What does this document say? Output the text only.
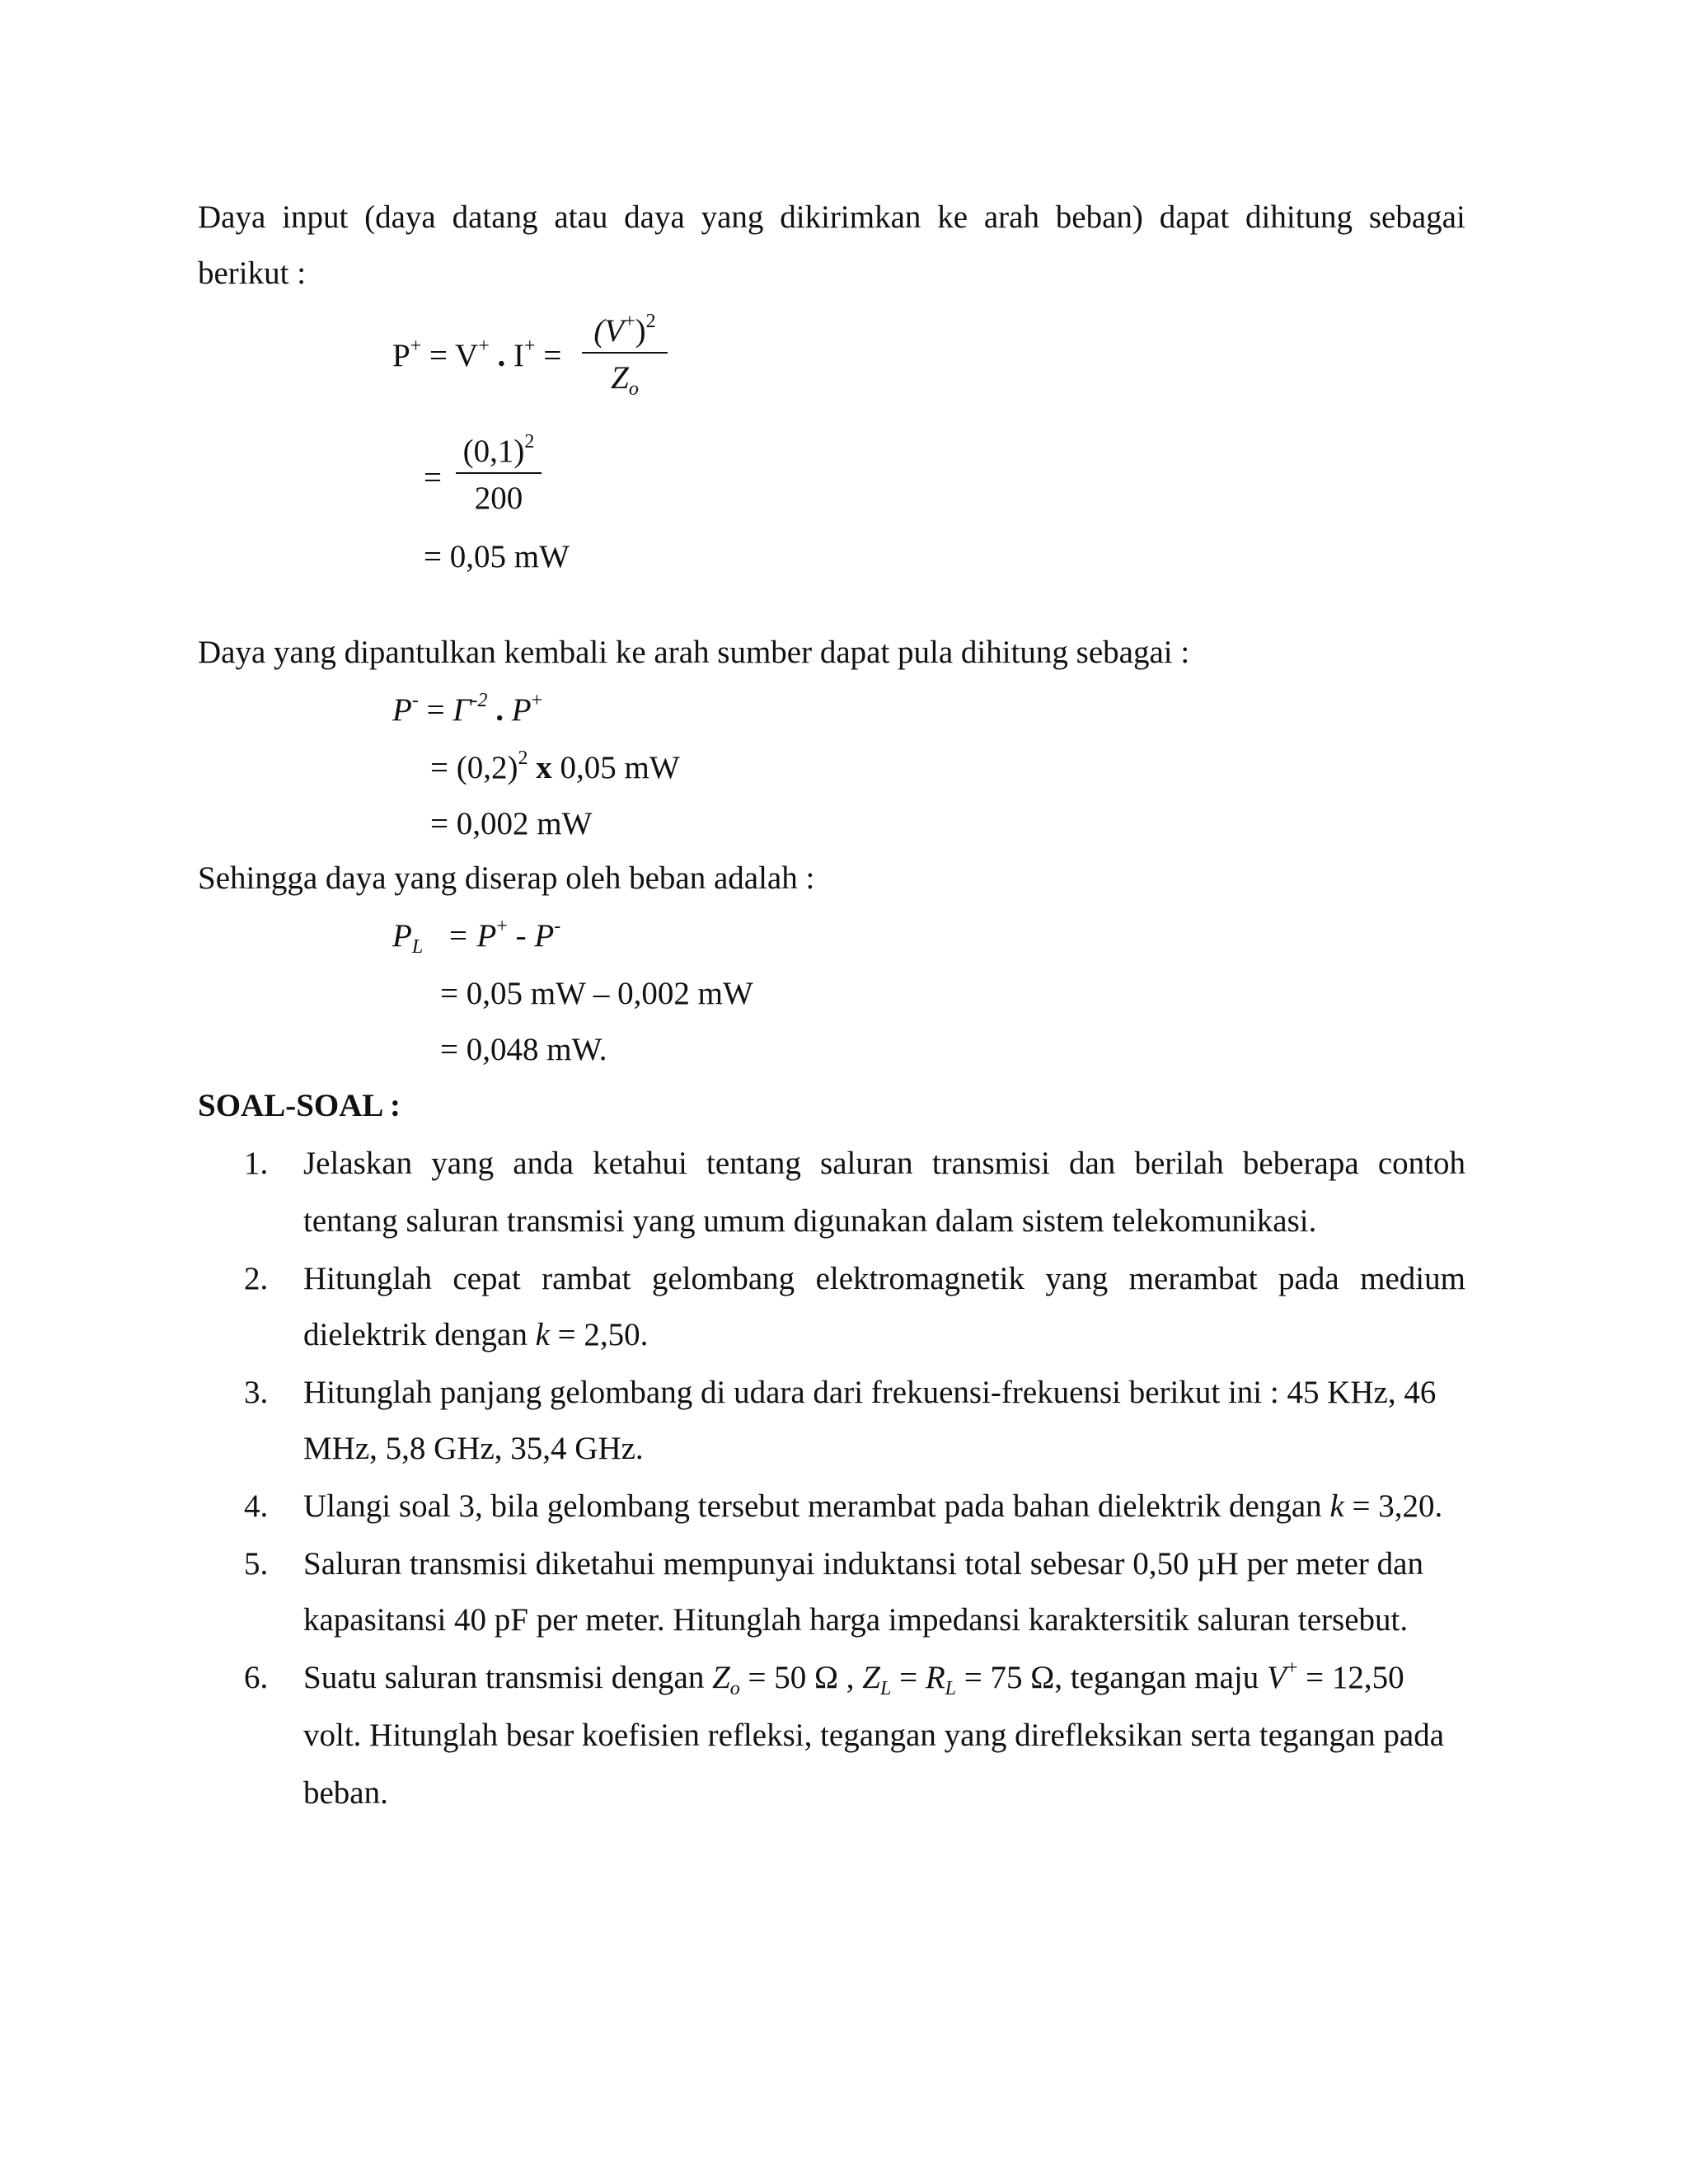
Daya input (daya datang atau daya yang dikirimkan ke arah beban) dapat dihitung sebagai
berikut :
P+ = V+ . $I^+ = \frac{(V^+)^2}{Z_o}$
= $\frac{(0,1)^2}{200}$
= 0,05 mW
Daya yang dipantulkan kembali ke arah sumber dapat pula dihitung sebagai :
$P^- = \Gamma^{-2}$ . P+
= $(0,2)^2$ x 0,05 mW
= 0,002 mW
Sehingga daya yang diserap oleh beban adalah :
$P_L = P^+ - P^-$
= 0,05 mW – 0,002 mW
= 0,048 mW.
SOAL-SOAL :
1. Jelaskan yang anda ketahui tentang saluran transmisi dan berilah beberapa contoh
tentang saluran transmisi yang umum digunakan dalam sistem telekomunikasi.
2. Hitunglah cepat rambat gelombang elektromagnetik yang merambat pada medium
dielektrik dengan k = 2,50.
3. Hitunglah panjang gelombang di udara dari frekuensi-frekuensi berikut ini : 45 KHz, 46
MHz, 5,8 GHz, 35,4 GHz.
4. Ulangi soal 3, bila gelombang tersebut merambat pada bahan dielektrik dengan k = 3,20.
5. Saluran transmisi diketahui mempunyai induktansi total sebesar 0,50 µH per meter dan
kapasitansi 40 pF per meter. Hitunglah harga impedansi karaktersitik saluran tersebut.
6. Suatu saluran transmisi dengan $Z_o = 50$ Ω , $Z_L = R_L = 75$ Ω, tegangan maju V+ = 12,50
volt. Hitunglah besar koefisien refleksi, tegangan yang direfleksikan serta tegangan pada
beban.
